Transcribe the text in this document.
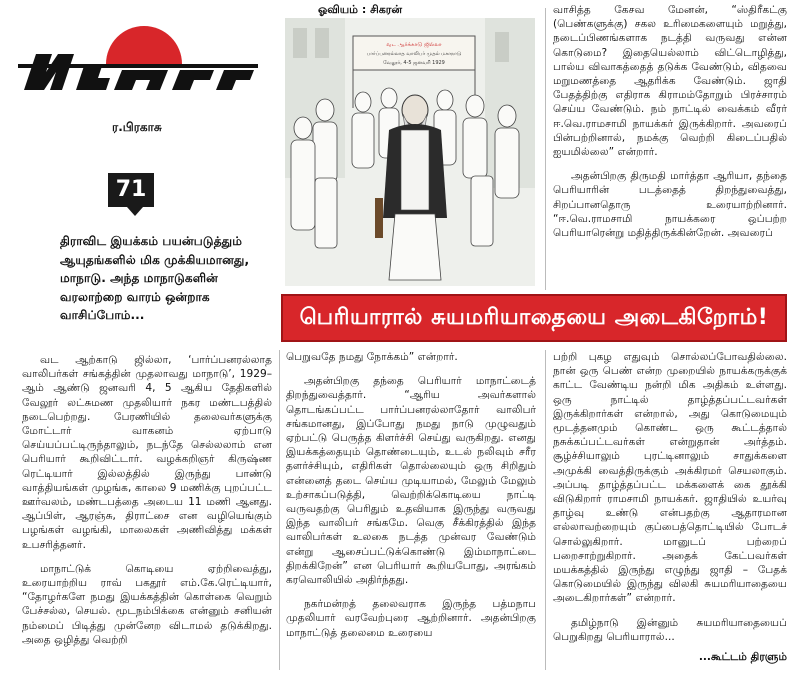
ர.பிரகாசு
71
திராவிட இயக்கம் பயன்படுத்தும் ஆயுதங்களில் மிக முக்கியமானது, மாநாடு. அந்த மாநாடுகளின் வரலாற்றை வாரம் ஒன்றாக வாசிப்போம்...
ஓவியம் : சிகரன்
வட ஆர்க்காடு ஜில்லா
பார்ப்பனரல்லாத வாலிபர் முதல் மகாநாடு
வேலூர், 4-5 ஜனவரி 1929

வாசித்த கேசவ மேனன், “ஸ்திரீகட்கு (பெண்களுக்கு) சகல உரிமைகளையும் மறுத்து, நடைப்பிணங்களாக நடத்தி வருவது என்ன கொடுமை? இதையெல்லாம் விட்டொழித்து, பால்ய விவாகத்தைத் தடுக்க வேண்டும், விதவை மறுமணத்தை ஆதரிக்க வேண்டும். ஜாதி பேதத்திற்கு எதிராக கிராமம்தோறும் பிரச்சாரம் செய்ய வேண்டும். நம் நாட்டில் வைக்கம் வீரர் ஈ.வெ.ராமசாமி நாயக்கர் இருக்கிறார். அவரைப் பின்பற்றினால், நமக்கு வெற்றி கிடைப்பதில் ஐயமில்லை” என்றார்.

அதன்பிறகு திருமதி மார்த்தா ஆரியா, தந்தை பெரியாரின் படத்தைத் திறந்துவைத்து, சிறப்பானதொரு உரையாற்றினார். “ஈ.வெ.ராமசாமி நாயக்கரை ஒப்பற்ற பெரியாரென்று மதித்திருக்கின்றேன். அவரைப்

பெரியாரால் சுயமரியாதையை அடைகிறோம்!

வட ஆற்காடு ஜில்லா, ‘பார்ப்பனரல்லாத வாலிபர்கள் சங்கத்தின் முதலாவது மாநாடு’, 1929–ஆம் ஆண்டு ஜனவரி 4, 5 ஆகிய தேதிகளில் வேலூர் லட்சுமண முதலியார் நகர மண்டபத்தில் நடைபெற்றது. பேரணியில் தலைவர்களுக்கு மோட்டார் வாகனம் ஏற்பாடு செய்யப்பட்டிருந்தாலும், நடந்தே செல்லலாம் என பெரியார் கூறிவிட்டார். வழக்கறிஞர் கிருஷ்ண ரெட்டியார் இல்லத்தில் இருந்து பாண்டு வாத்தியங்கள் முழங்க, காலை 9 மணிக்கு புறப்பட்ட ஊர்வலம், மண்டபத்தை அடைய 11 மணி ஆனது. ஆப்பிள், ஆரஞ்சு, திராட்சை என வழியெங்கும் பழங்கள் வழங்கி, மாலைகள் அணிவித்து மக்கள் உபசரித்தனர்.

மாநாட்டுக் கொடியை ஏற்றிவைத்து, உரையாற்றிய ராவ் பகதூர் எம்.கே.ரெட்டியார், “தோழர்களே நமது இயக்கத்தின் கொள்கை வெறும் பேச்சல்ல, செயல். மூடநம்பிக்கை என்னும் சனியன் நம்மைப் பிடித்து முன்னேற விடாமல் தடுக்கிறது. அதை ஒழித்து வெற்றி

பெறுவதே நமது நோக்கம்” என்றார்.

அதன்பிறகு தந்தை பெரியார் மாநாட்டைத் திறந்துவைத்தார். “ஆரிய அவர்களால் தொடங்கப்பட்ட பார்ப்பனரல்லாதோர் வாலிபர் சங்கமானது, இப்போது நமது நாடு முழுவதும் ஏற்பட்டு பெருத்த கிளர்ச்சி செய்து வருகிறது. எனது இயக்கத்தையும் தொண்டையும், உடல் நலிவும் சரீர தளர்ச்சியும், எதிரிகள் தொல்லையும் ஒரு சிறிதும் என்னைத் தடை செய்ய முடியாமல், மேலும் மேலும் உற்சாகப்படுத்தி, வெற்றிக்கொடியை நாட்டி வருவதற்கு பெரிதும் உதவியாக இருந்து வருவது இந்த வாலிபர் சங்கமே. வெகு சீக்கிரத்தில் இந்த வாலிபர்கள் உலகை நடத்த முன்வர வேண்டும் என்று ஆசைப்பட்டுக்கொண்டு இம்மாநாட்டை திறக்கிறேன்” என பெரியார் கூறியபோது, அரங்கம் கரவொலியில் அதிர்ந்தது.

நகர்மன்றத் தலைவராக இருந்த பத்மநாப முதலியார் வரவேற்புரை ஆற்றினார். அதன்பிறகு மாநாட்டுத் தலைமை உரையை

பற்றி புகழ எதுவும் சொல்லப்போவதில்லை. நான் ஒரு பெண் என்ற முறையில் நாயக்கருக்குக் காட்ட வேண்டிய நன்றி மிக அதிகம் உள்ளது. ஒரு நாட்டில் தாழ்த்தப்பட்டவர்கள் இருக்கிறார்கள் என்றால், அது கொடுமையும் மூடத்தனமும் கொண்ட ஒரு கூட்டத்தால் நசுக்கப்பட்டவர்கள் என்றுதான் அர்த்தம். சூழ்ச்சியாலும் புரட்டினாலும் சாதுக்களை அமுக்கி வைத்திருக்கும் அக்கிரமர் செயலாகும். அப்படி தாழ்த்தப்பட்ட மக்களைக் கை தூக்கி விடுகிறார் ராமசாமி நாயக்கர். ஜாதியில் உயர்வு தாழ்வு உண்டு என்பதற்கு ஆதாரமான எல்லாவற்றையும் குப்பைத்தொட்டியில் போடச் சொல்லுகிறார். மானுடப் பற்றைப் பறைசாற்றுகிறார். அதைக் கேட்பவர்கள் மயக்கத்தில் இருந்து எழுந்து ஜாதி – பேதக் கொடுமையில் இருந்து விலகி சுயமரியாதையை அடைகிறார்கள்” என்றார்.

தமிழ்நாடு இன்னும் சுயமரியாதையைப் பெறுகிறது பெரியாரால்...

...கூட்டம் திரளும்
